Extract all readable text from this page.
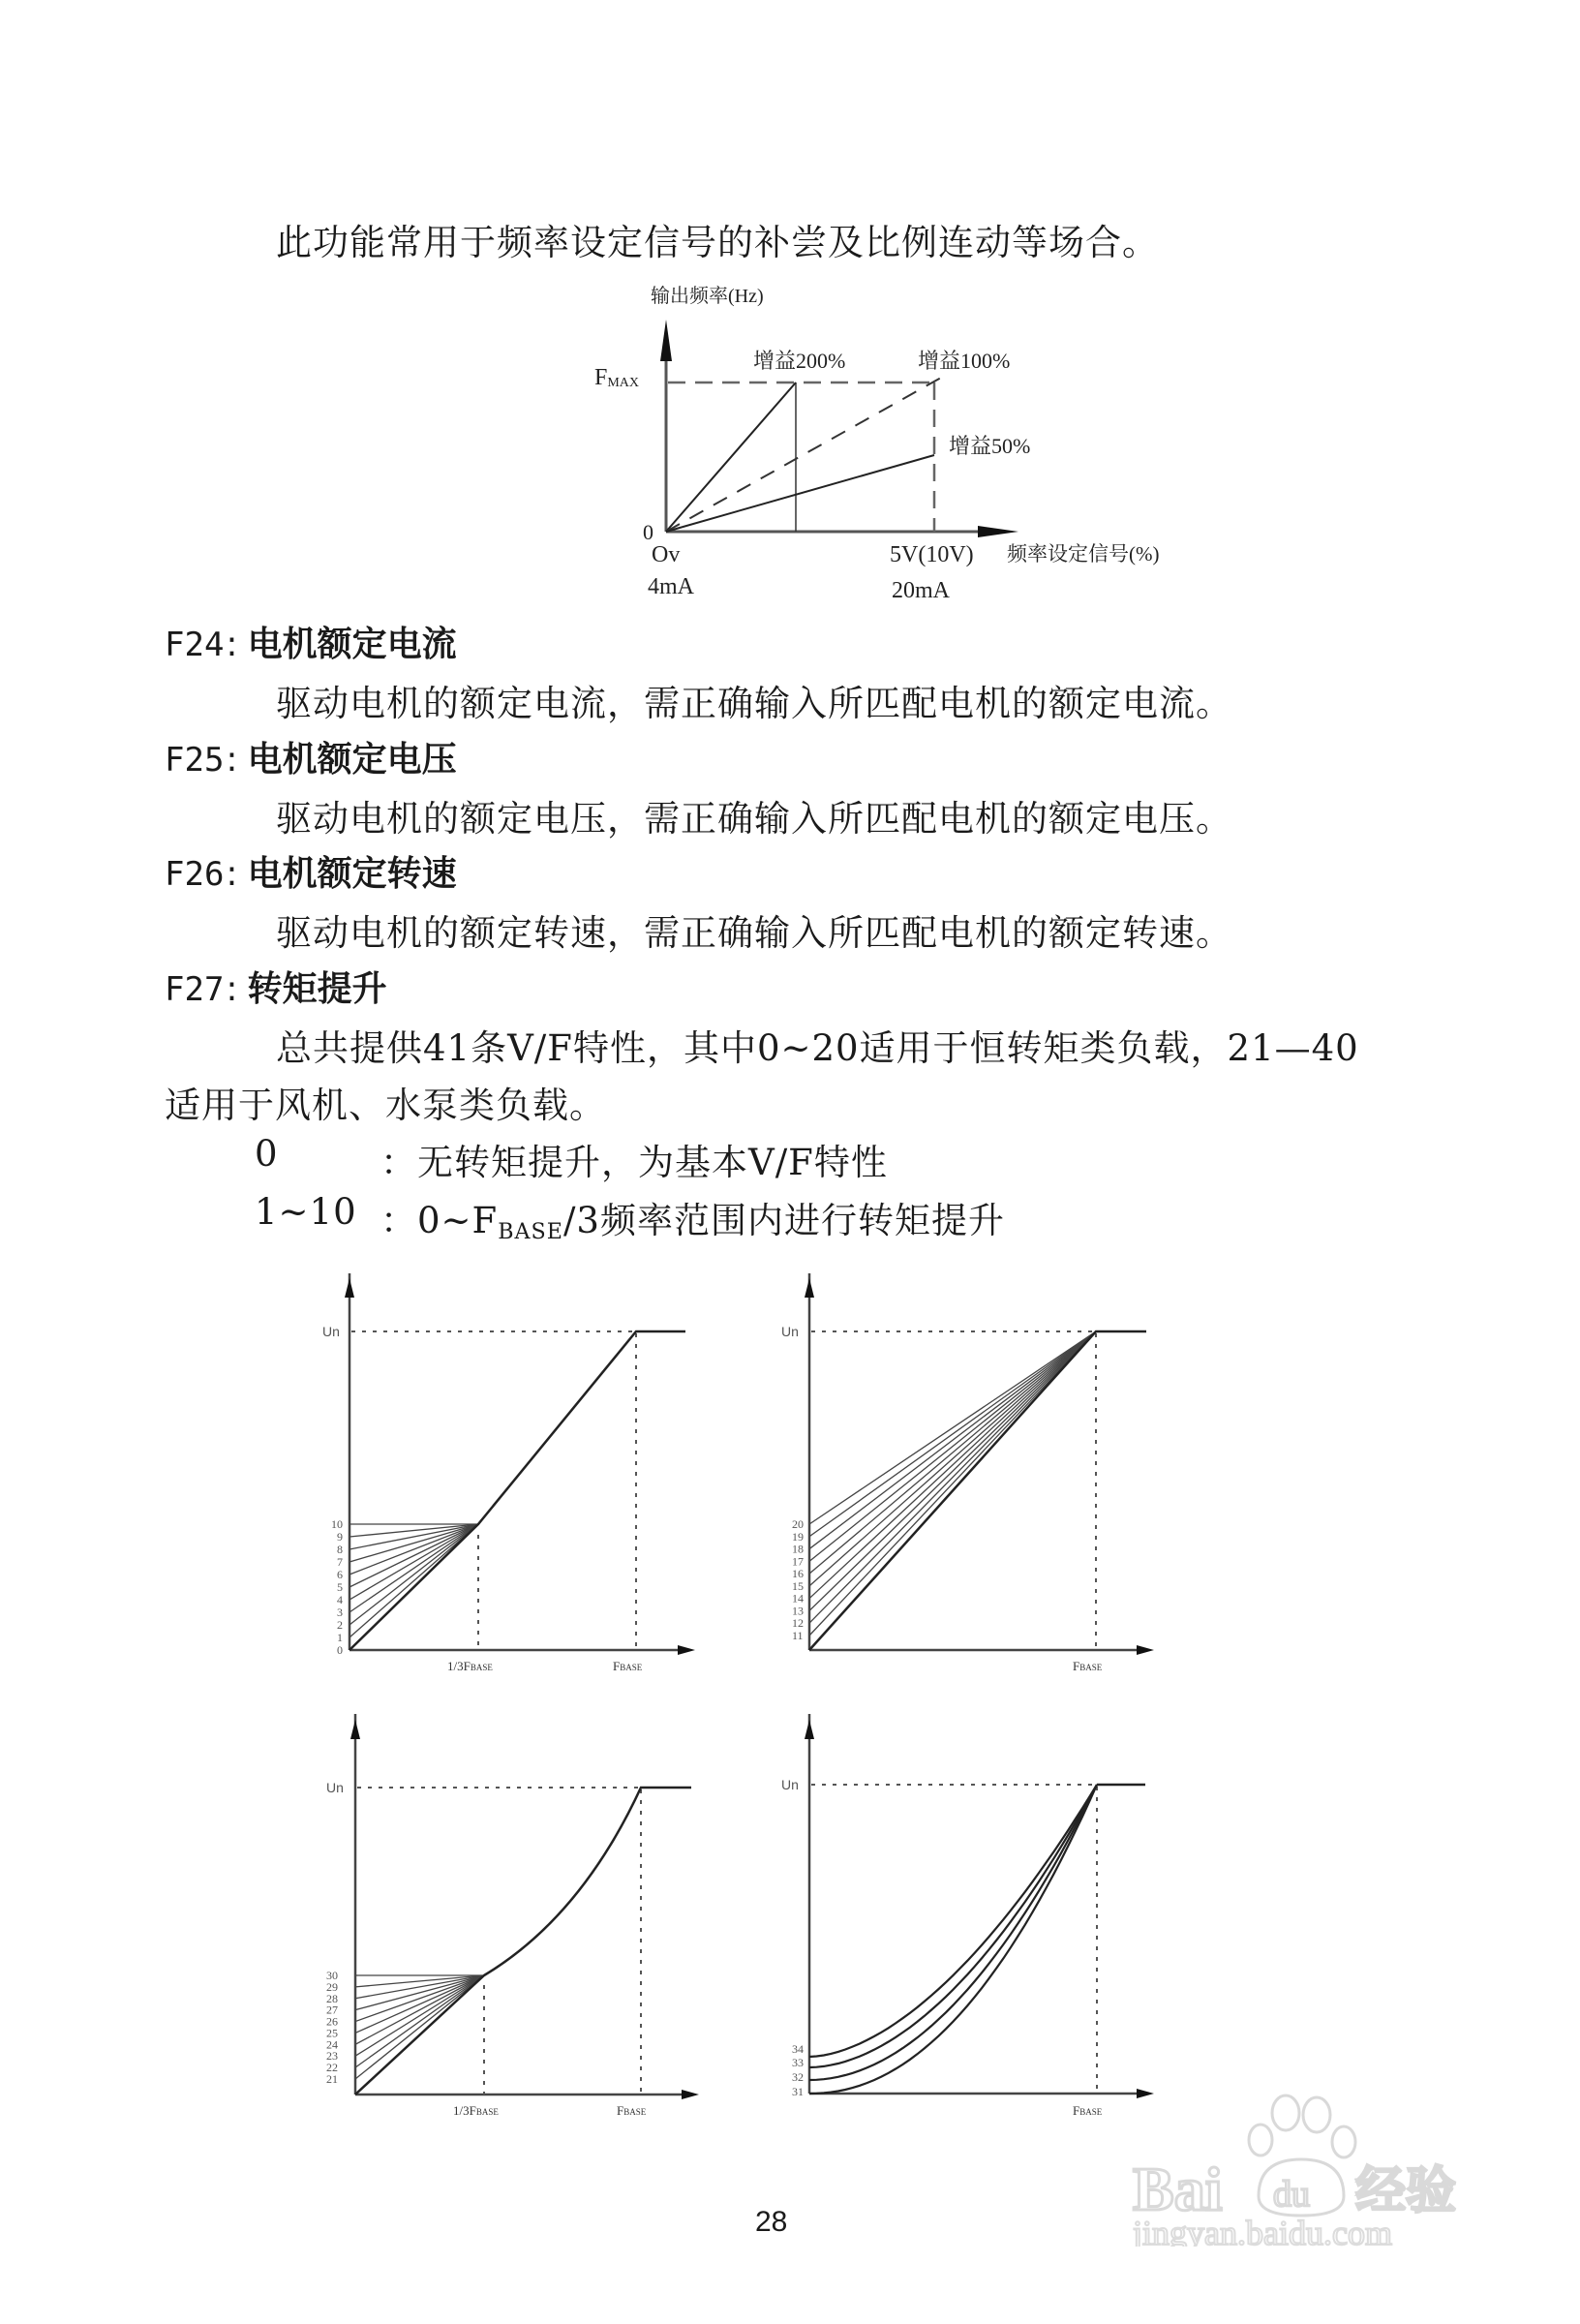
此功能常用于频率设定信号的补尝及比例连动等场合。
输出频率(Hz)
FMAX
0
Ov
4mA
5V(10V)
20mA
频率设定信号(%)
增益200%	增益100%
增益50%
F24: 电机额定电流
驱动电机的额定电流，需正确输入所匹配电机的额定电流。
F25: 电机额定电压
驱动电机的额定电压，需正确输入所匹配电机的额定电压。
F26: 电机额定转速
驱动电机的额定转速，需正确输入所匹配电机的额定转速。
F27: 转矩提升
总共提供41条V/F特性，其中0~20适用于恒转矩类负载，21—40
适用于风机、水泵类负载。
0	：无转矩提升，为基本V/F特性
1~10 ：$0\sim F_{BASE}/3$频率范围内进行转矩提升
10
9
8
7
6
5
4
3
2
1
0
Un
1/3FBASE	FBASE
20
19
18
17
16
15
14
13
12
11
Un
FBASE
30
29
28
27
26
25
24
23
22
21
Un
1/3FBASE	FBASE
31
32
33
34
Un
FBASE
28	Bai du 经验
jingyan.baidu.com
